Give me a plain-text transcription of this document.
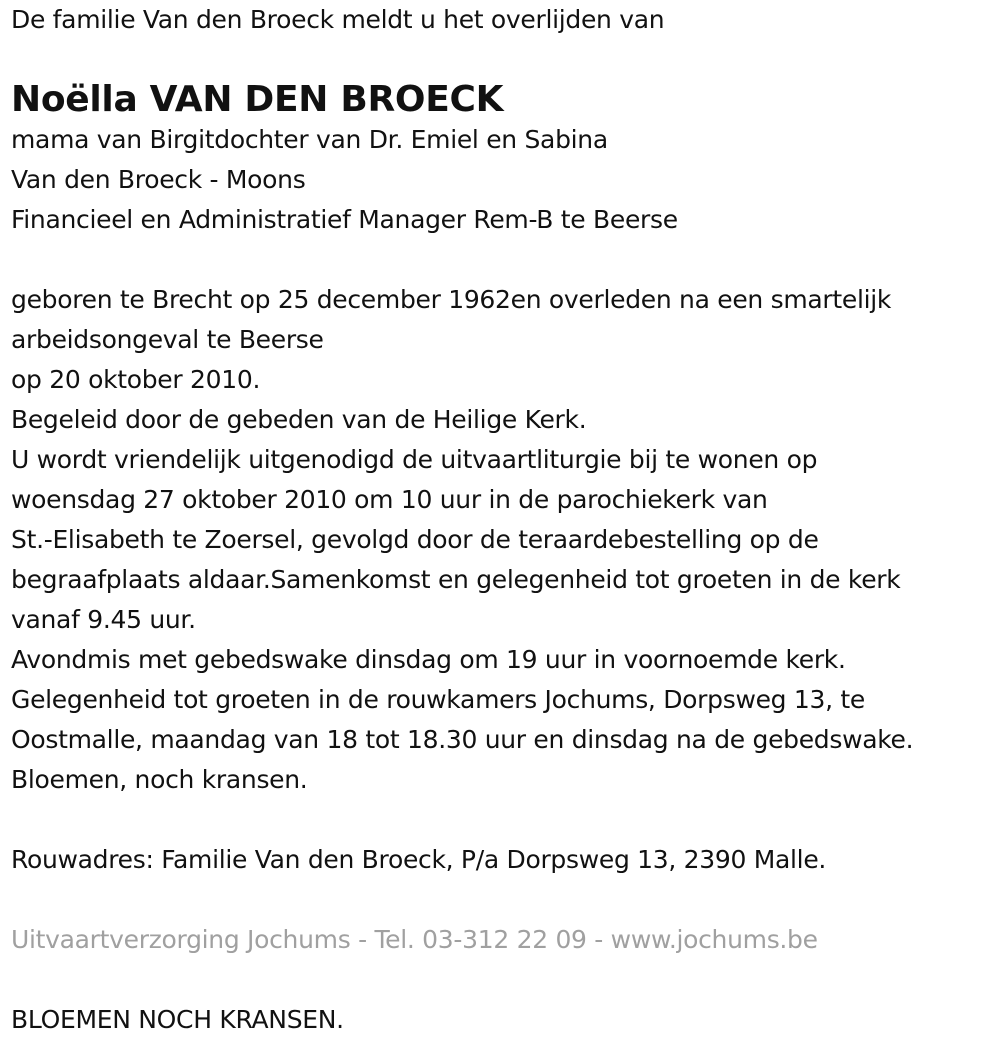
De familie Van den Broeck meldt u het overlijden van
Noëlla VAN DEN BROECK
mama van Birgitdochter van Dr. Emiel en Sabina
Van den Broeck - Moons
Financieel en Administratief Manager Rem-B te Beerse
geboren te Brecht op 25 december 1962en overleden na een smartelijk
arbeidsongeval te Beerse
op 20 oktober 2010.
Begeleid door de gebeden van de Heilige Kerk.
U wordt vriendelijk uitgenodigd de uitvaartliturgie bij te wonen op
woensdag 27 oktober 2010 om 10 uur in de parochiekerk van
St.-Elisabeth te Zoersel, gevolgd door de teraardebestelling op de
begraafplaats aldaar.Samenkomst en gelegenheid tot groeten in de kerk
vanaf 9.45 uur.
Avondmis met gebedswake dinsdag om 19 uur in voornoemde kerk.
Gelegenheid tot groeten in de rouwkamers Jochums, Dorpsweg 13, te
Oostmalle, maandag van 18 tot 18.30 uur en dinsdag na de gebedswake.
Bloemen, noch kransen.
Rouwadres: Familie Van den Broeck, P/a Dorpsweg 13, 2390 Malle.
Uitvaartverzorging Jochums - Tel. 03-312 22 09 - www.jochums.be
BLOEMEN NOCH KRANSEN.
